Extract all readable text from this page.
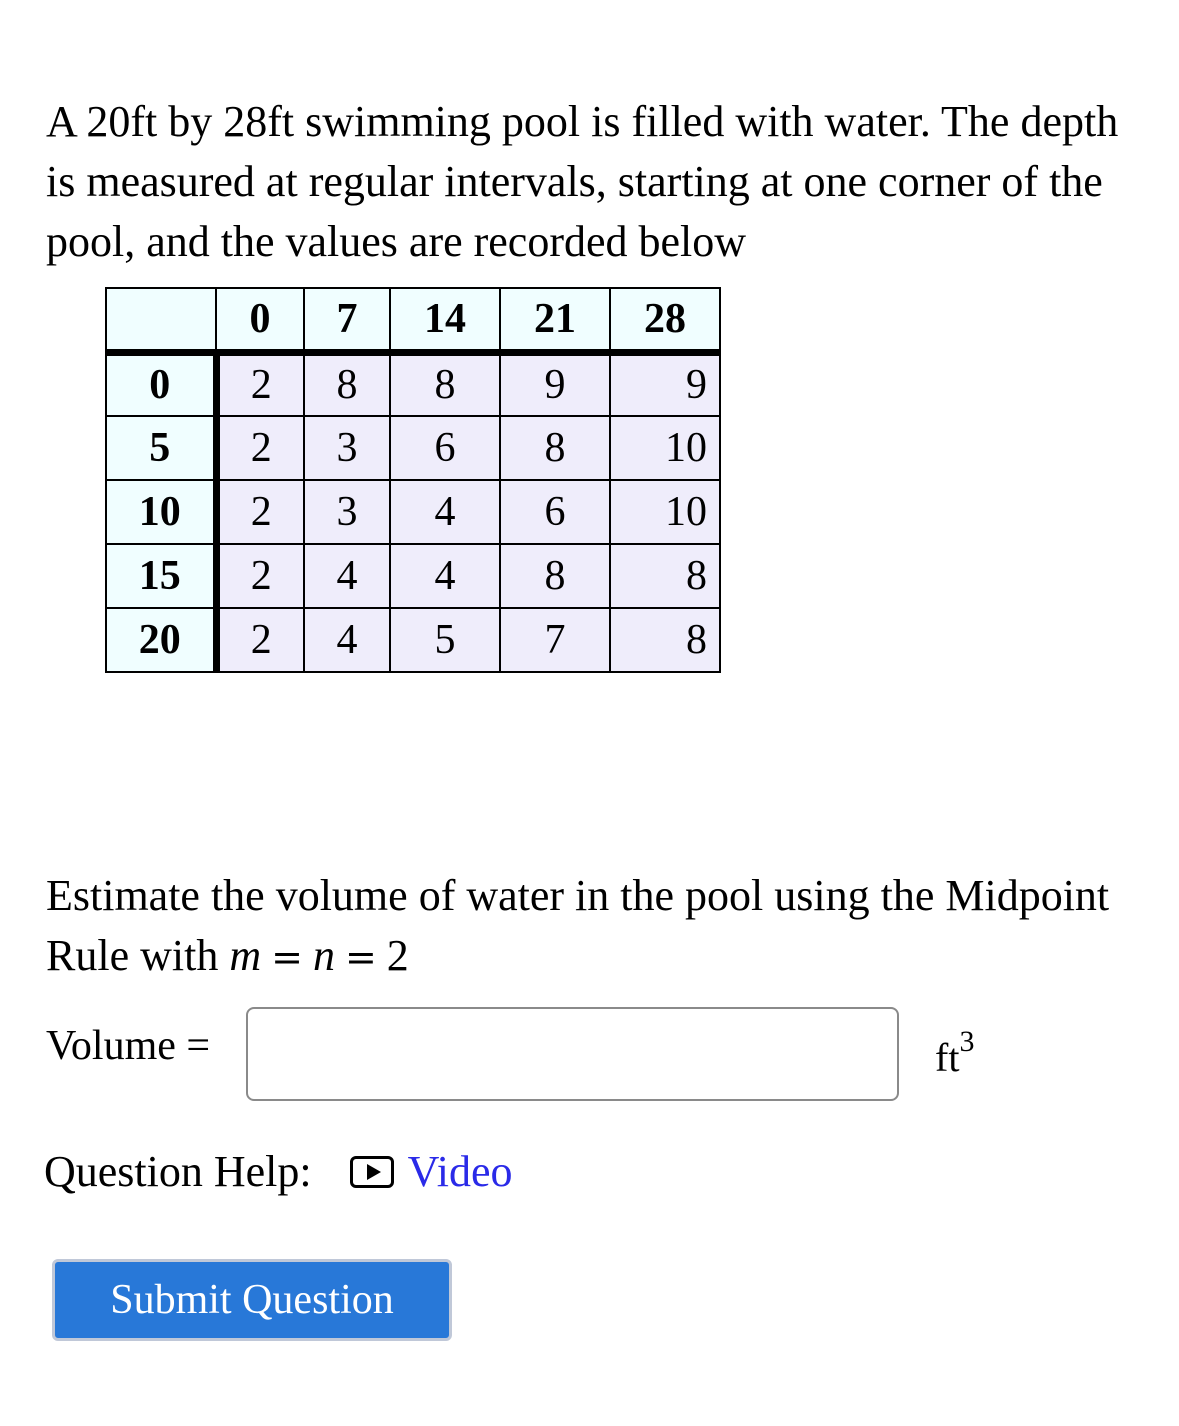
A 20ft by 28ft swimming pool is filled with water. The depth is measured at regular intervals, starting at one corner of the pool, and the values are recorded below

	0	7	14	21	28
0	2	8	8	9	9
5	2	3	6	8	10
10	2	3	4	6	10
15	2	4	4	8	8
20	2	4	5	7	8

Estimate the volume of water in the pool using the Midpoint Rule with m = n = 2

Volume =	$ft^3$
Question Help: Video
Submit Question
